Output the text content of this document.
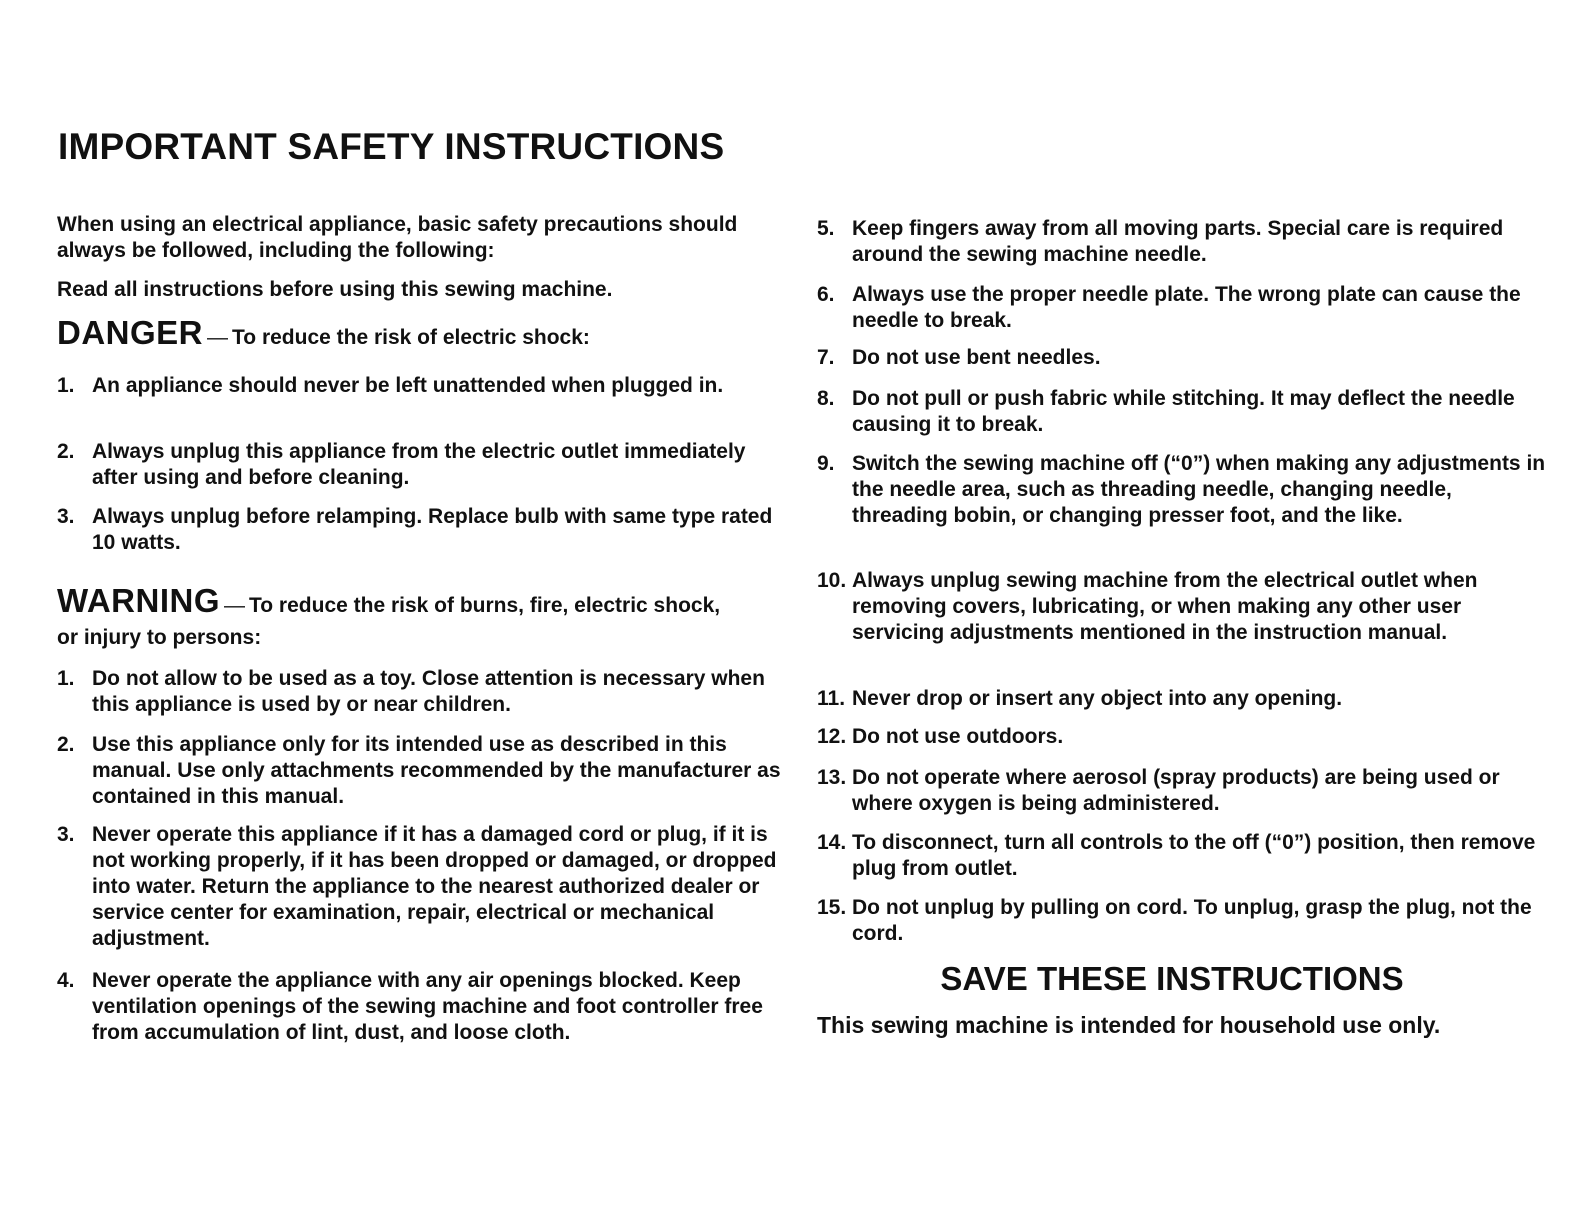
IMPORTANT SAFETY INSTRUCTIONS

When using an electrical appliance, basic safety precautions should always be followed, including the following:

Read all instructions before using this sewing machine.

DANGER — To reduce the risk of electric shock:
1. An appliance should never be left unattended when plugged in.
2. Always unplug this appliance from the electric outlet immediately after using and before cleaning.
3. Always unplug before relamping. Replace bulb with same type rated 10 watts.
WARNING — To reduce the risk of burns, fire, electric shock,

or injury to persons:

1. Do not allow to be used as a toy. Close attention is necessary when this appliance is used by or near children.
2. Use this appliance only for its intended use as described in this manual. Use only attachments recommended by the manufacturer as contained in this manual.
3. Never operate this appliance if it has a damaged cord or plug, if it is not working properly, if it has been dropped or damaged, or dropped into water. Return the appliance to the nearest authorized dealer or service center for examination, repair, electrical or mechanical adjustment.
4. Never operate the appliance with any air openings blocked. Keep ventilation openings of the sewing machine and foot controller free from accumulation of lint, dust, and loose cloth.
5. Keep fingers away from all moving parts. Special care is required around the sewing machine needle.
6. Always use the proper needle plate. The wrong plate can cause the needle to break.
7. Do not use bent needles.
8. Do not pull or push fabric while stitching. It may deflect the needle causing it to break.
9. Switch the sewing machine off (“0”) when making any adjustments in the needle area, such as threading needle, changing needle, threading bobin, or changing presser foot, and the like.
10. Always unplug sewing machine from the electrical outlet when removing covers, lubricating, or when making any other user servicing adjustments mentioned in the instruction manual.
11. Never drop or insert any object into any opening.
12. Do not use outdoors.
13. Do not operate where aerosol (spray products) are being used or where oxygen is being administered.
14. To disconnect, turn all controls to the off (“0”) position, then remove plug from outlet.
15. Do not unplug by pulling on cord. To unplug, grasp the plug, not the cord.
SAVE THESE INSTRUCTIONS
This sewing machine is intended for household use only.
